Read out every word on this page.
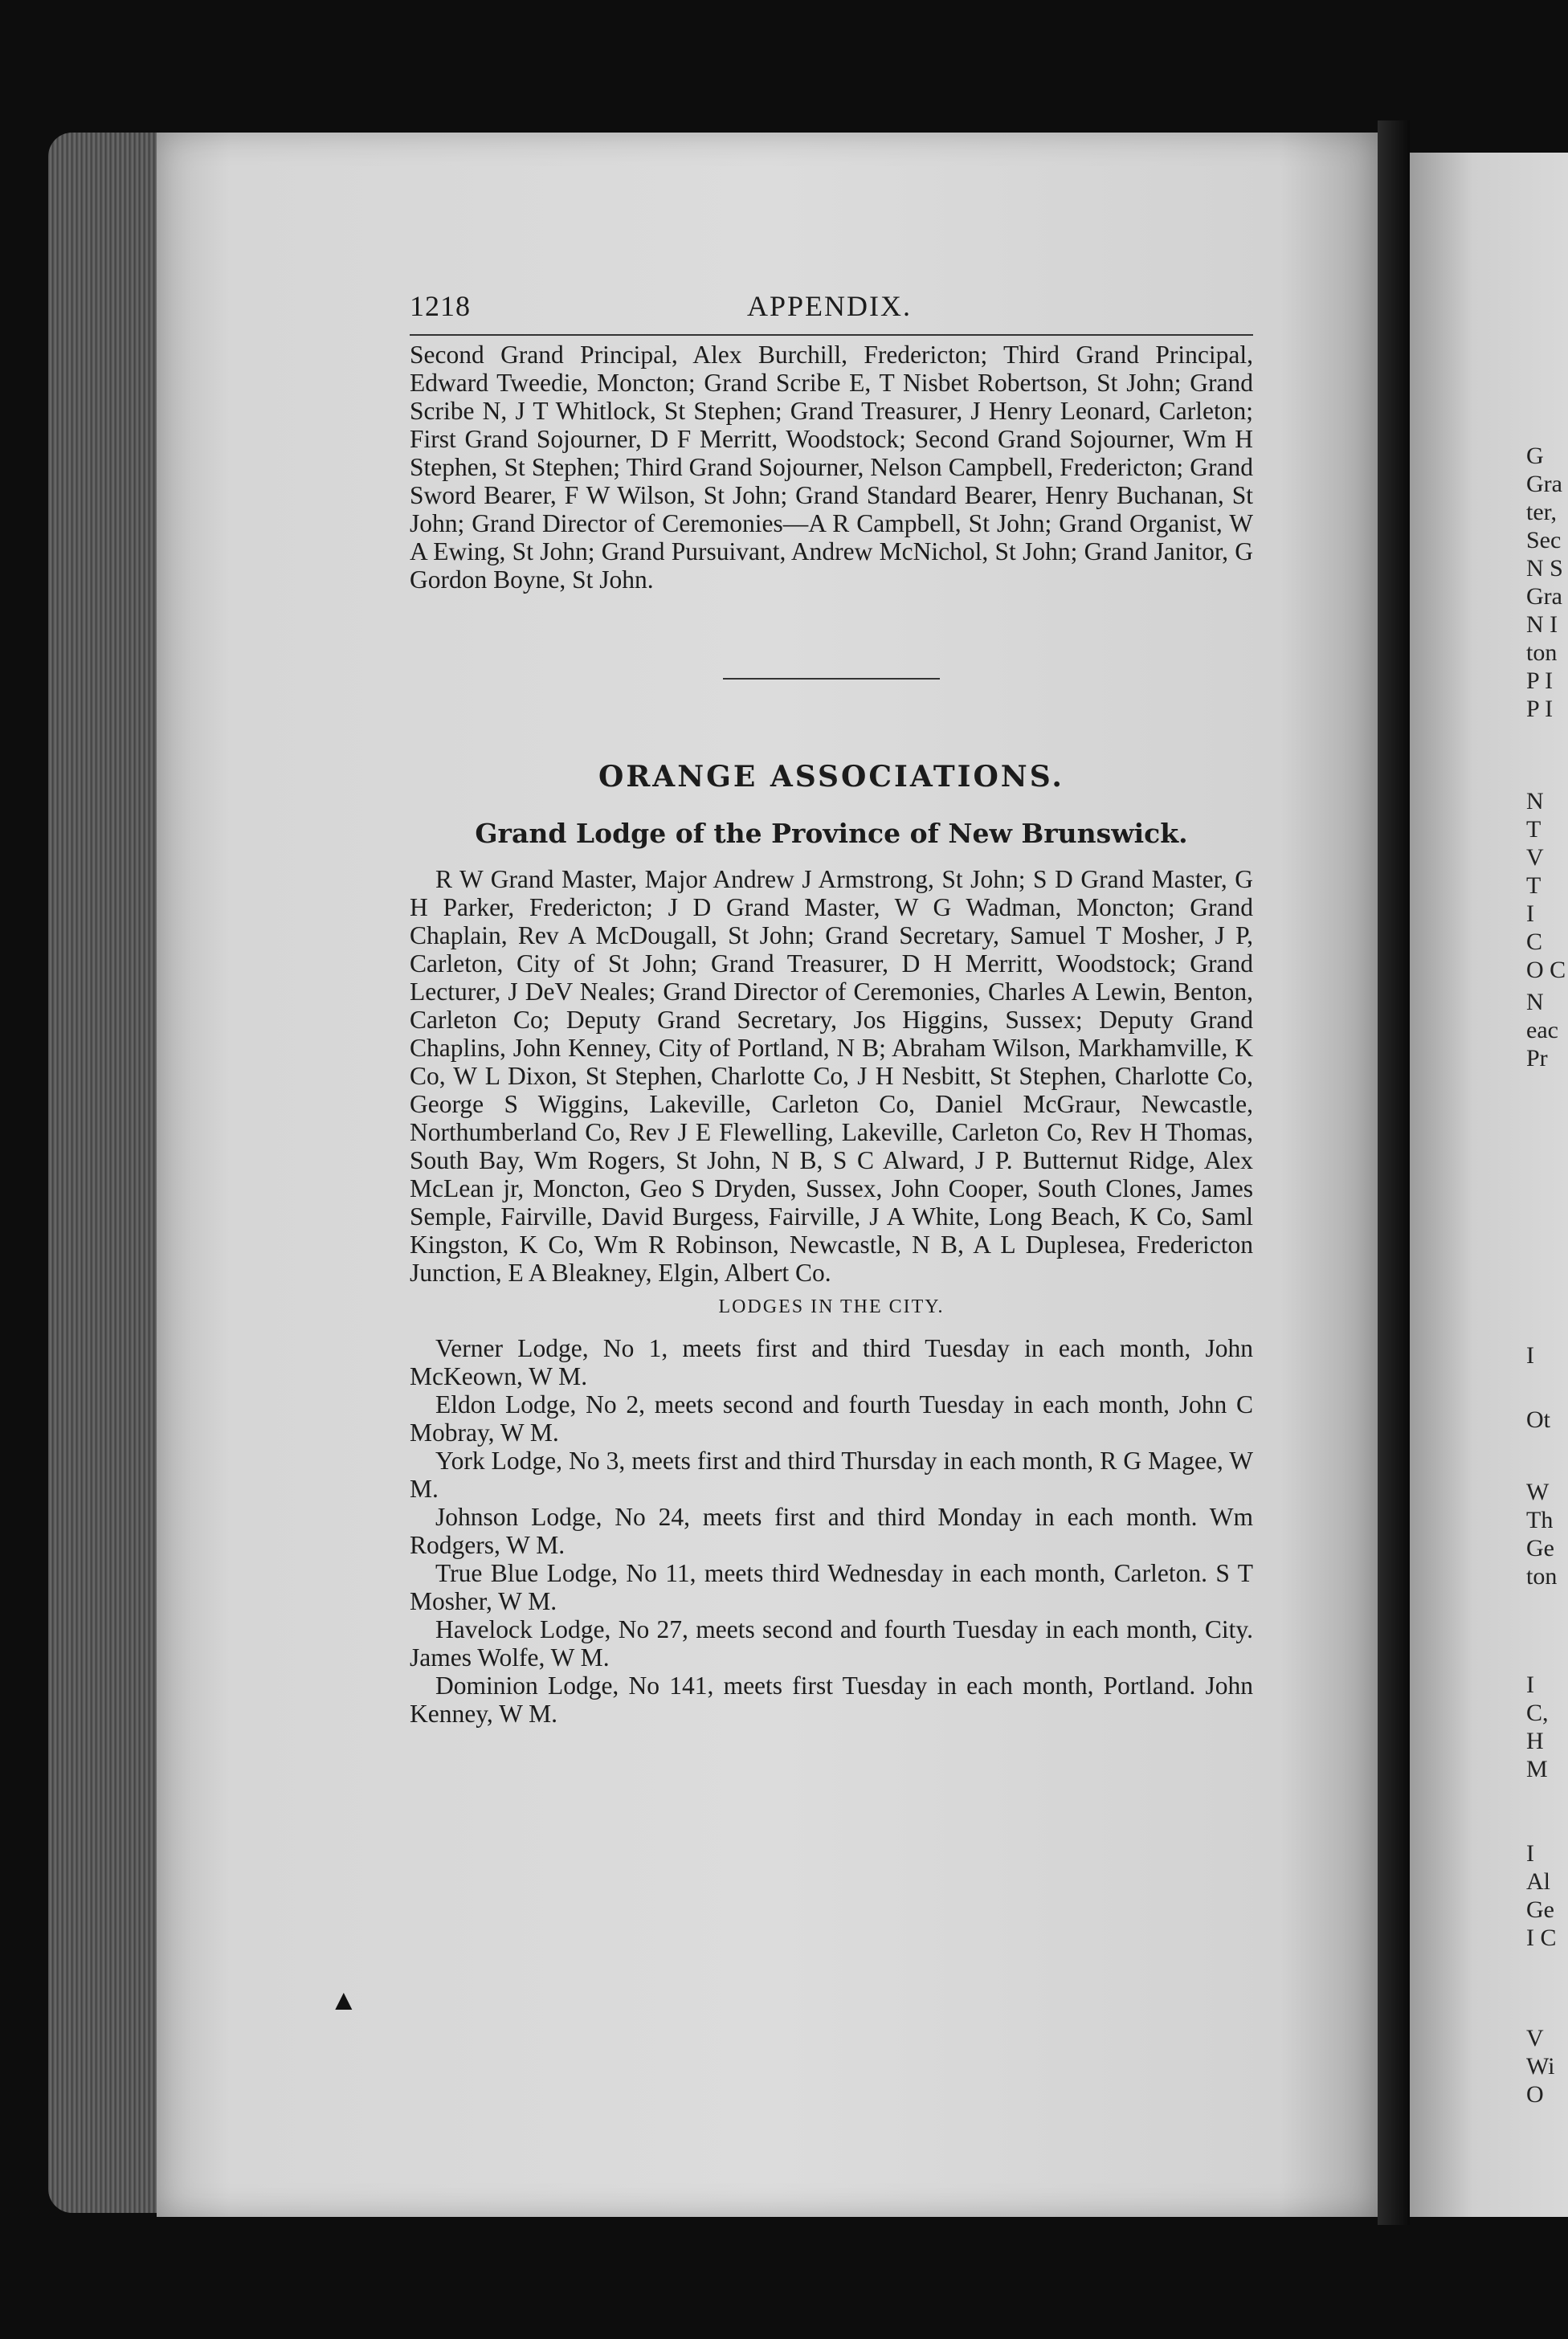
G
Gra
ter,
Sec
N S
Gra
N I
ton
P I
P I
N
T
V
T
I
C
O C
N
eac
Pr
I
Ot
W
Th
Ge
ton
I
C,
H
M
I
Al
Ge
I C
V
Wi
O
1218	APPENDIX.

Second Grand Principal, Alex Burchill, Fredericton; Third Grand Principal, Edward Tweedie, Moncton; Grand Scribe E, T Nisbet Robertson, St John; Grand Scribe N, J T Whitlock, St Stephen; Grand Treasurer, J Henry Leonard, Carleton; First Grand Sojourner, D F Merritt, Woodstock; Second Grand Sojourner, Wm H Stephen, St Stephen; Third Grand Sojourner, Nelson Campbell, Fredericton; Grand Sword Bearer, F W Wilson, St John; Grand Standard Bearer, Henry Buchanan, St John; Grand Director of Ceremonies—A R Campbell, St John; Grand Organist, W A Ewing, St John; Grand Pursuivant, Andrew McNichol, St John; Grand Janitor, G Gordon Boyne, St John.

ORANGE ASSOCIATIONS.
Grand Lodge of the Province of New Brunswick.

R W Grand Master, Major Andrew J Armstrong, St John; S D Grand Master, G H Parker, Fredericton; J D Grand Master, W G Wadman, Moncton; Grand Chaplain, Rev A McDougall, St John; Grand Secretary, Samuel T Mosher, J P, Carleton, City of St John; Grand Treasurer, D H Merritt, Woodstock; Grand Lecturer, J DeV Neales; Grand Director of Ceremonies, Charles A Lewin, Benton, Carleton Co; Deputy Grand Secretary, Jos Higgins, Sussex; Deputy Grand Chaplins, John Kenney, City of Portland, N B; Abraham Wilson, Markhamville, K Co, W L Dixon, St Stephen, Charlotte Co, J H Nesbitt, St Stephen, Charlotte Co, George S Wiggins, Lakeville, Carleton Co, Daniel McGraur, Newcastle, Northumberland Co, Rev J E Flewelling, Lakeville, Carleton Co, Rev H Thomas, South Bay, Wm Rogers, St John, N B, S C Alward, J P. Butternut Ridge, Alex McLean jr, Moncton, Geo S Dryden, Sussex, John Cooper, South Clones, James Semple, Fairville, David Burgess, Fairville, J A White, Long Beach, K Co, Saml Kingston, K Co, Wm R Robinson, Newcastle, N B, A L Duplesea, Fredericton Junction, E A Bleakney, Elgin, Albert Co.

LODGES IN THE CITY.

Verner Lodge, No 1, meets first and third Tuesday in each month, John McKeown, W M.

Eldon Lodge, No 2, meets second and fourth Tuesday in each month, John C Mobray, W M.

York Lodge, No 3, meets first and third Thursday in each month, R G Magee, W M.

Johnson Lodge, No 24, meets first and third Monday in each month. Wm Rodgers, W M.

True Blue Lodge, No 11, meets third Wednesday in each month, Carleton. S T Mosher, W M.

Havelock Lodge, No 27, meets second and fourth Tuesday in each month, City. James Wolfe, W M.

Dominion Lodge, No 141, meets first Tuesday in each month, Portland. John Kenney, W M.

▲
